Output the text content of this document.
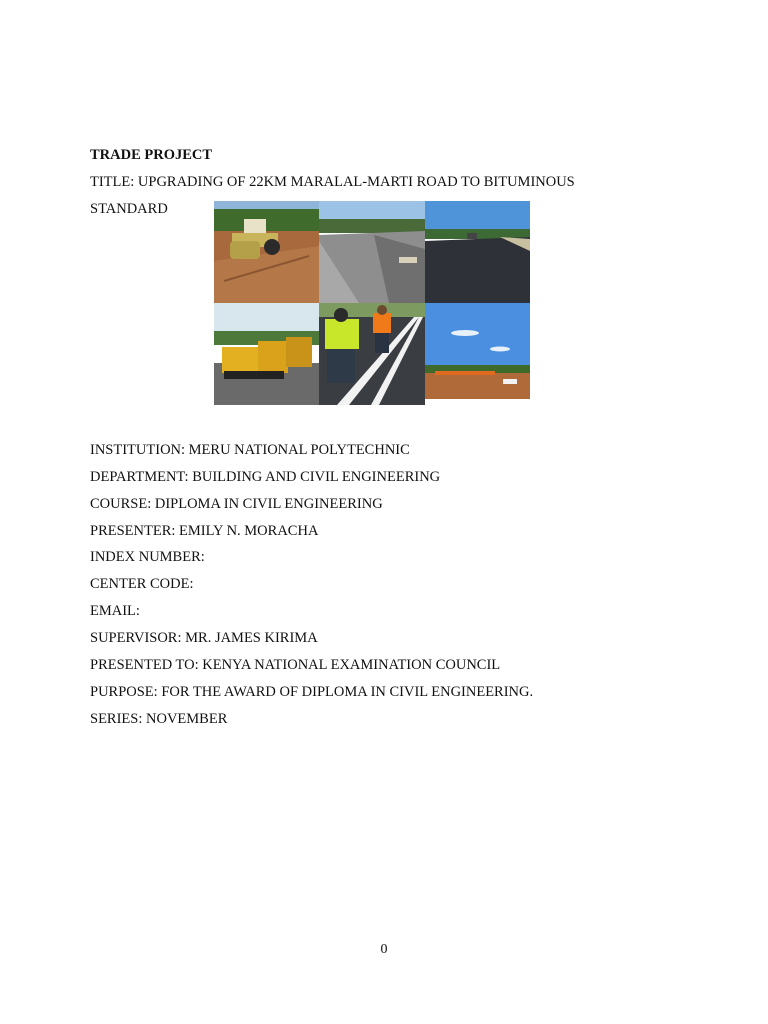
TRADE PROJECT
TITLE: UPGRADING OF 22KM MARALAL-MARTI ROAD TO BITUMINOUS
STANDARD
INSTITUTION: MERU NATIONAL POLYTECHNIC
DEPARTMENT: BUILDING AND CIVIL ENGINEERING
COURSE: DIPLOMA IN CIVIL ENGINEERING
PRESENTER: EMILY N. MORACHA
INDEX NUMBER:
CENTER CODE:
EMAIL:
SUPERVISOR: MR. JAMES KIRIMA
PRESENTED TO: KENYA NATIONAL EXAMINATION COUNCIL
PURPOSE: FOR THE AWARD OF DIPLOMA IN CIVIL ENGINEERING.
SERIES: NOVEMBER
0
